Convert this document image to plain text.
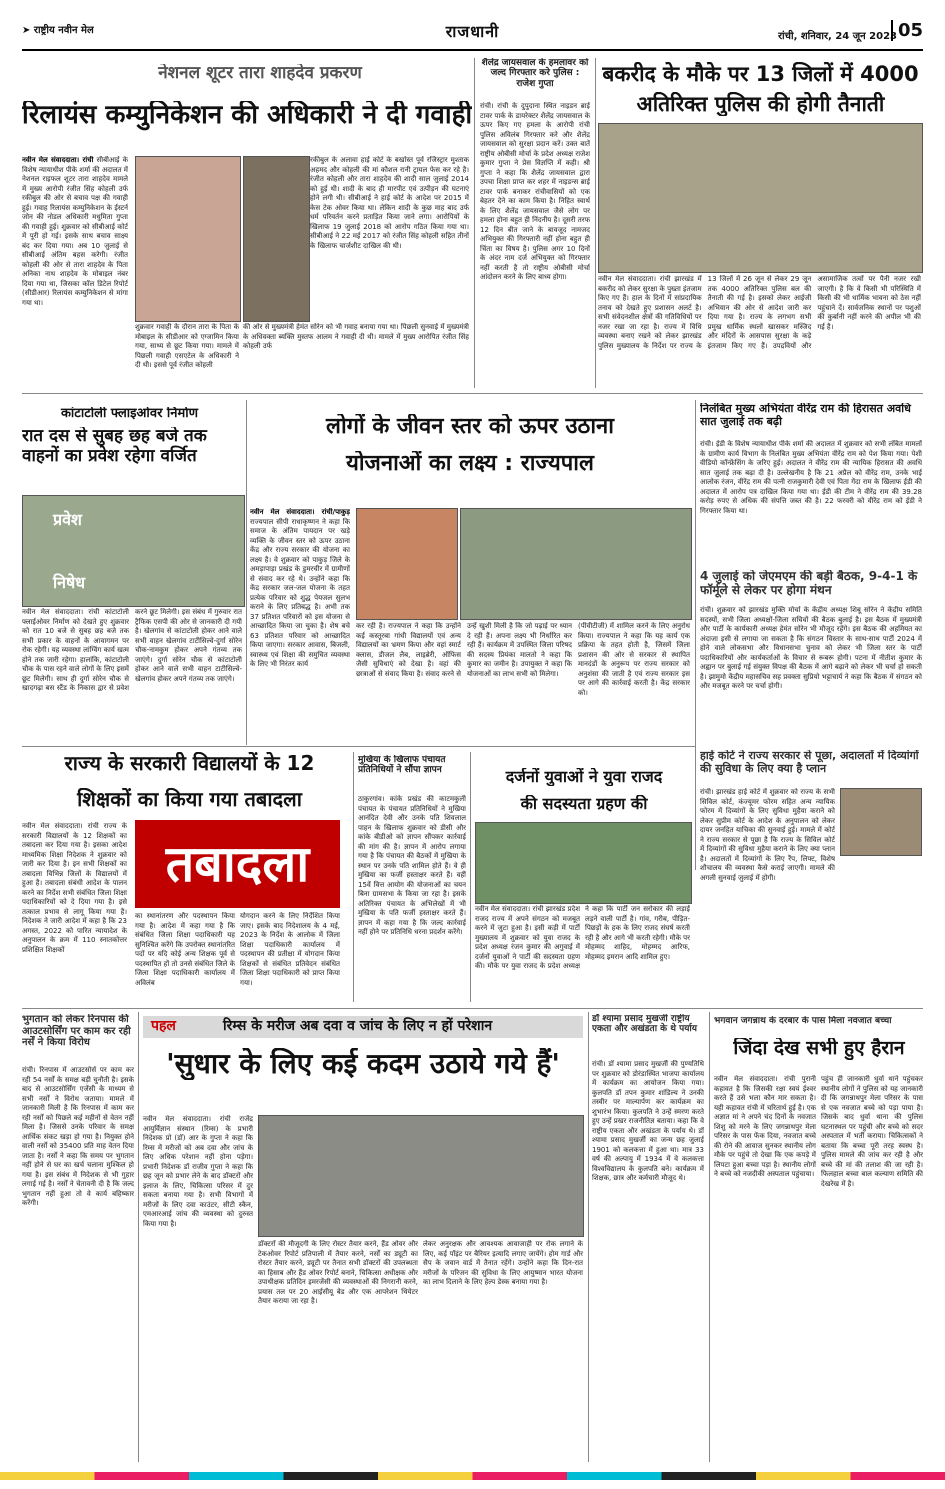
➤ राष्ट्रीय नवीन मेल	राजधानी	रांची, शनिवार, 24 जून 2023 05
नेशनल शूटर तारा शाहदेव प्रकरण
रिलायंस कम्युनिकेशन की अधिकारी ने दी गवाही
नवीन मेल संवाददाता। रांची सीबीआई के विशेष न्यायाधीश पीके शर्मा की अदालत में नेशनल राइफल शूटर तारा शाहदेव मामले में मुख्य आरोपी रंजीत सिंह कोहली उर्फ रकीबुल की ओर से बचाव पक्ष की गवाही हुई। गवाह रिलायंस कम्युनिकेशन के ईस्टर्न जोन की नोडल अधिकारी मधुमिता गुप्ता की गवाही हुई। शुक्रवार को सीबीआई कोर्ट में पूरी हो गई। इसके साथ बचाव साक्ष्य बंद कर दिया गया। अब 10 जुलाई से सीबीआई अंतिम बहस करेगी। रंजीत कोहली की ओर से तारा शाहदेव के पिता अनिका नाथ शाहदेव के मोबाइल नंबर दिया गया था, जिसका कॉल डिटेल रिपोर्ट (सीडीआर) रिलायंस कम्युनिकेशन से मांगा गया था।
शुक्रवार गवाही के दौरान तारा के पिता के मोबाइल के सीडीआर को एग्जामिन किया गया, साथ्य से छूट किया गया। मामले में पिछली गवाही एसएटेल के अधिकारी ने दी थी। इससे पूर्व रंजीत कोहली
रकीबुल के अलावा हाई कोर्ट के बर्खास्त पूर्व रजिस्ट्रार मुश्ताक अहमद और कोहली की मां कौशल रानी ट्रायल फेस कर रहे है। रंजीत कोहली और तारा शाहदेव की शादी साल जुलाई 2014 को हुई थी। शादी के बाद ही मारपीट एवं उत्पीड़न की घटनाएं होने लगी थी। सीबीआई ने हाई कोर्ट के आदेश पर 2015 में केस टेक ओवर किया था। लेकिन शादी के कुछ माह बाद उर्फ धर्म परिवर्तन करने प्रताड़ित किया जाने लगा। आरोपियों के खिलाफ 19 जुलाई 2018 को आरोप गठित किया गया था। सीबीआई ने 22 मई 2017 को रंजीत सिंह कोहली सहित तीनों के खिलाफ चार्जशीट दाखिल की थी।
की ओर से मुख्यमंत्री हेमंत सोरेन को भी गवाह बनाया गया था। पिछली सुनवाई में मुख्यमंत्री के अधिवक्ता ब्यक्ति मुस्तफ आलम ने गवाही दी थी। मामले में मुख्य आरोपित रंजीत सिंह कोहली उर्फ
शैलेंद्र जायसवाल के हमलावर को जल्द गिरफ्तार करे पुलिस : राजेश गुप्ता
रांची। रांची के दुपुदाना स्थित नाइडन ब्राई टावर पार्क के डायरेक्टर शैलेंद्र जायसवाल के ऊपर किए गए हमला के आरोपी रांची पुलिस अविलंब गिरफ्तार करे और शैलेंद्र जायसवाल को सुरक्षा प्रदान करें। उक्त बातें राष्ट्रीय ओबीसी मोर्चा के प्रदेश अध्यक्ष राजेश कुमार गुप्ता ने प्रेस विज्ञप्ति में कही। श्री गुप्ता ने कहा कि शैलेंद्र जायसवाल द्वारा उपचा शिक्षा प्राप्त कर शहर में नाइडन्स ब्राई टावर पार्क बनाकर रांचीवासियों को एक बेहतर देने का काम किया है। निहित स्वार्थ के लिए शैलेंद्र जायसवाल जैसे लोग पर हमला होना बहुत ही निंदनीय है। दूसरी तरफ 12 दिन बीत जाने के बावजूद नामजद अभियुक्त की गिरफ्तारी नहीं होना बहुत ही चिंता का विषय है। पुलिस अगर 10 दिनों के अंदर नाम दर्ज अभियुक्त को गिरफ्तार नहीं करती है तो राष्ट्रीय ओबीसी मोर्चा आंदोलन करने के लिए बाध्य होगा।
बकरीद के मौके पर 13 जिलों में 4000
अतिरिक्त पुलिस की होगी तैनाती
नवीन मेल संवाददाता। रांची झारखंड में बकरीद को लेकर सुरक्षा के पुख्ता इंतजाम किए गए हैं। हाल के दिनों में सांप्रदायिक तनाव को देखते हुए प्रशासन अलर्ट है। सभी संवेदनशील क्षेत्रों की गतिविधियों पर नजर रखा जा रहा है। राज्य में विधि व्यवस्था बनाए रखने को लेकर झारखंड पुलिस मुख्यालय के निर्देश पर राज्य के 13 जिलों में 26 जून से लेकर 29 जून तक 4000 अतिरिक्त पुलिस बल की तैनाती की गई है। इसको लेकर आईजी अभियान की ओर से आदेश जारी कर दिया गया है। राज्य के लगभग सभी प्रमुख धार्मिक स्थलों खासकर मस्जिद और मंदिरों के आसपास सुरक्षा के कड़े इंतजाम किए गए हैं। उपद्रवियों और असामाजिक तत्वों पर पैनी नजर रखी जाएगी। है कि वे किसी भी परिस्थिति में किसी की भी धार्मिक भावना को ठेस नहीं पहुंचाने दें। सार्वजनिक स्थानों पर पशुओं की कुर्बानी नहीं करने की अपील भी की गई है।
कांटाटोली फ्लाइओवर निर्माण
रात दस से सुबह छह बजे तक वाहनों का प्रवेश रहेगा वर्जित
प्रवेश
निषेध
नवीन मेल संवाददाता। रांची कांटाटोली फ्लाईओवर निर्माण को देखते हुए शुक्रवार को रात 10 बजे से सुबह छह बजे तक सभी प्रकार के वाहनों के आवागमन पर रोक रहेगी। यह व्यवस्था लांग्विंग कार्य खत्म होने तक जारी रहेगा। हालांकि, कांटाटोली चौक के पास रहने वाले लोगों के लिए इसमें छूट मिलेगी। साथ ही दुर्गा सोरेन चौक से खादगढ़ा बस स्टैंड के निकास द्वार से प्रवेश करने छूट मिलेगी। इस संबंध में गुरुवार रात ट्रैफिक एसपी की ओर से जानकारी दी गयी है। खेलगांव से कांटाटोली होकर आने वाले सभी वाहन खेलगांव टाटीसिल्वे-दुर्गा सोरेन चौक-नामकुम होकर अपने गंतव्य तक जाएंगे। दुर्गा सोरेन चौक से कांटाटोली होकर आने वाले सभी वाहन टाटीसिल्वे-खेलगांव होकर अपने गंतव्य तक जाएंगे।
लोगों के जीवन स्तर को ऊपर उठाना
योजनाओं का लक्ष्य : राज्यपाल
नवीन मेल संवाददाता। रांची/पाकुड़ राज्यपाल सीपी राधाकृष्णन ने कहा कि समाज के अंतिम पायदान पर खड़े व्यक्ति के जीवन स्तर को ऊपर उठाना केंद्र और राज्य सरकार की योजना का लक्ष्य है। वे शुक्रवार को पाकुड़ जिले के अमड़ापाड़ा प्रखंड के डुमरचीर में ग्रामीणों से संवाद कर रहे थे। उन्होंने कहा कि केंद्र सरकार जल-जल योजना के तहत प्रत्येक परिवार को शुद्ध पेयजल सुलभ कराने के लिए प्रतिबद्ध है। अभी तक 37 प्रतिशत परिवारों को इस योजना से आच्छादित किया जा चुका है। शेष बचे 63 प्रतिशत परिवार को आच्छादित किया जाएगा। सरकार आवास, बिजली, स्वास्थ्य एवं शिक्षा की समुचित व्यवस्था के लिए भी निरंतर कार्य
कर रही है। राज्यपाल ने कहा कि उन्होंने कई कस्तूरबा गांधी विद्यालयों एवं अन्य विद्यालयों का भ्रमण किया और वहां स्मार्ट क्लास, डीजल लैब, लाइब्रेरी, ऑफिस जैसी सुविधाएं को देखा है। वहां की छात्राओं से संवाद किया है। संवाद करने से उन्हें खुशी मिली है कि जो पढ़ाई पर ध्यान दे रही हैं। अपना लक्ष्य भी निर्धारित कर रही हैं। कार्यक्रम में उपस्थित जिला परिषद की सदस्य प्रियंका मालतो ने कहा कि कुमार का जमीन है। उपायुक्त ने कहा कि योजनाओं का लाभ सभी को मिलेगा।
(पीवीटीजी) में शामिल करने के लिए अनुरोध किया। राज्यपाल ने कहा कि यह कार्य एक प्रक्रिया के तहत होती है, जिसमें जिला प्रशासन की ओर से सरकार से स्थापित मानदंडों के अनुरूप पर राज्य सरकार को अनुशंसा की जाती है एवं राज्य सरकार इस पर आगे की कार्रवाई करती है। केंद्र सरकार को।
निलंबित मुख्य अभियंता वीरेंद्र राम की हिरासत अवधि सात जुलाई तक बढ़ी
रांची। ईडी के विशेष न्यायाधीश पीके शर्मा की अदालत में शुक्रवार को सभी लंबित मामलों के ग्रामीण कार्य विभाग के निलंबित मुख्य अभियंता वीरेंद्र राम को पेश किया गया। पेशी वीडियो कॉन्फ्रेंसिंग के जरिए हुई। अदालत ने वीरेंद्र राम की न्यायिक हिरासत की अवधि सात जुलाई तक बढ़ा दी है। उल्लेखनीय है कि 21 अप्रैल को वीरेंद्र राम, उनके भाई आलोक रंजन, वीरेंद्र राम की पत्नी राजकुमारी देवी एवं पिता गेंदा राम के खिलाफ ईडी की अदालत में आरोप पत्र दाखिल किया गया था। ईडी की टीम ने वीरेंद्र राम की 39.28 करोड़ रुपए से अधिक की संपत्ति जब्त की है। 22 फरवरी को वीरेंद्र राम को ईडी ने गिरफ्तार किया था।
4 जुलाई को जेएमएम की बड़ी बैठक, 9-4-1 के फॉर्मूले से लेकर पर होगा मंथन
रांची। शुक्रवार को झारखंड मुक्ति मोर्चा के केंद्रीय अध्यक्ष शिबू सोरेन ने केंद्रीय समिति सदस्यों, सभी जिला अध्यक्षों-जिला सचिवों की बैठक बुलाई है। इस बैठक में मुख्यमंत्री और पार्टी के कार्यकारी अध्यक्ष हेमंत सोरेन भी मौजूद रहेंगे। इस बैठक की अहमियत का अंदाजा इसी से लगाया जा सकता है कि संगठन विस्तार के साथ-साथ पार्टी 2024 में होने वाले लोकसभा और विधानसभा चुनाव को लेकर भी जिला स्तर के पार्टी पदाधिकारियों और कार्यकर्ताओं के विचार से रूबरू होगी। पटना में नीतीश कुमार के अह्वान पर बुलाई गई संयुक्त विपक्ष की बैठक में आगे बढ़ाने को लेकर भी चर्चा हो सकती है। झामुमो केंद्रीय महासचिव सह प्रवक्ता सुप्रियो भट्टाचार्य ने कहा कि बैठक में संगठन को और मजबूत करने पर चर्चा होगी।
हाई कोर्ट ने राज्य सरकार से पूछा, अदालतों में दिव्यांगों की सुविधा के लिए क्या है प्लान
रांची। झारखंड हाई कोर्ट में शुक्रवार को राज्य के सभी सिविल कोर्ट, कंज्यूमर फोरम सहित अन्य न्यायिक फोरम में दिव्यांगों के लिए सुविधा मुहैया कराने को लेकर सुप्रीम कोर्ट के आदेश के अनुपालन को लेकर दायर जनहित याचिका की सुनवाई हुई। मामले में कोर्ट ने राज्य सरकार से पूछा है कि राज्य के सिविल कोर्ट में दिव्यांगों की सुविधा मुहैया कराने के लिए क्या प्लान है। अदालतों में दिव्यांगों के लिए रैंप, लिफ्ट, विशेष शौचालय की व्यवस्था कैसे कराई जाएगी। मामले की अगली सुनवाई जुलाई में होगी।
राज्य के सरकारी विद्यालयों के 12
शिक्षकों का किया गया तबादला
नवीन मेल संवाददाता। रांची राज्य के सरकारी विद्यालयों के 12 शिक्षकों का तबादला कर दिया गया है। इसका आदेश माध्यमिक शिक्षा निदेशक ने शुक्रवार को जारी कर दिया है। इन सभी शिक्षकों का तबादला विभिन्न जिलों के विद्यालयों में हुआ है। तबादला संबंधी आदेश के पालन करने का निर्देश सभी संबंधित जिला शिक्षा पदाधिकारियों को दे दिया गया है। इसे तत्काल प्रभाव से लागू किया गया है। निदेशक ने जारी आदेश में कहा है कि 23 अगस्त, 2022 को पारित न्यायादेश के अनुपालन के क्रम में 110 स्नातकोत्तर प्रशिक्षित शिक्षकों
तबादला
का स्थानांतरण और पदस्थापन किया गया है। आदेश में कहा गया है कि संबंधित जिला शिक्षा पदाधिकारी यह सुनिश्चित करेंगे कि उपरोक्त स्थानांतरित पदों पर यदि कोई अन्य शिक्षक पूर्व से पदस्थापित हों तो उनसे संबंधित जिले के जिला शिक्षा पदाधिकारी कार्यालय में अविलंब
योगदान करने के लिए निर्देशित किया जाए। इसके बाद निदेशालय के 4 मई, 2023 के निर्देश के आलोक में जिला शिक्षा पदाधिकारी कार्यालय में पदस्थापन की प्रतीक्षा में योगदान किया शिक्षकों से संबंधित प्रतिवेदन संबंधित जिला शिक्षा पदाधिकारी को प्राप्त किया गया।
मुखिया के खिलाफ पंचायत प्रतिनिधियों ने सौंपा ज्ञापन
ठाकुरगांव। कांके प्रखंड की काटमकुली पंचायत के पंचायत प्रतिनिधियों ने मुखिया आनंदित देवी और उनके पति शिवलाल पाहन के खिलाफ शुक्रवार को डीसी और कांके बीडीओ को ज्ञापन सौंपकर कार्रवाई की मांग की है। ज्ञापन में आरोप लगाया गया है कि पंचायत की बैठकों में मुखिया के स्थान पर उनके पति शामिल होते हैं। वे ही मुखिया का फर्जी हस्ताक्षर करते हैं। वहीं 15वें वित्त आयोग की योजनाओं का चयन बिना ग्रामसभा के किया जा रहा है। इसके अतिरिक्त पंचायत के अभिलेखों में भी मुखिया के पति फर्जी हस्ताक्षर करते हैं। ज्ञापन में कहा गया है कि जल्द कार्रवाई नहीं होने पर प्रतिनिधि धरना प्रदर्शन करेंगे।
दर्जनों युवाओं ने युवा राजद
की सदस्यता ग्रहण की
नवीन मेल संवाददाता। रांची झारखंड प्रदेश राजद राज्य में अपने संगठन को मजबूत करने में जुटा हुआ है। इसी कड़ी में पार्टी मुख्यालय में शुक्रवार को युवा राजद के प्रदेश अध्यक्ष रंजन कुमार की अगुवाई में दर्जनों युवाओं ने पार्टी की सदस्यता ग्रहण की। मौके पर युवा राजद के प्रदेश अध्यक्ष ने कहा कि पार्टी जन सरोकार की लड़ाई लड़ने वाली पार्टी है। गांव, गरीब, पीड़ित-पिछड़ों के हक के लिए राजद संघर्ष करती रही है और आगे भी करती रहेगी। मौके पर मोहम्मद शाहिद, मोहम्मद आरिफ, मोहम्मद इमरान आदि शामिल हुए।
भुगतान को लेकर रिनपास की आउटसोर्सिंग पर काम कर रही नर्सें ने किया विरोध
रांची। रिनपास में आउटसोर्स पर काम कर रही 54 नर्सों के समक्ष बड़ी चुनौती है। इसके बाद से आउटसोर्सिंग एजेंसी के माध्यम से सभी नर्सों ने विरोध जताया। मामले में जानकारी मिली है कि रिनपास में काम कर रही नर्सों को पिछले कई महीनों से वेतन नहीं मिला है। जिससे उनके परिवार के समक्ष आर्थिक संकट खड़ा हो गया है। नियुक्त होने वाली नर्सों को 35400 प्रति माह वेतन दिया जाता है। नर्सों ने कहा कि समय पर भुगतान नहीं होने से घर का खर्च चलाना मुश्किल हो गया है। इस संबंध में निदेशक से भी गुहार लगाई गई है। नर्सों ने चेतावनी दी है कि जल्द भुगतान नहीं हुआ तो वे कार्य बहिष्कार करेंगी।
पहल	रिम्स के मरीज अब दवा व जांच के लिए न हों परेशान
'सुधार के लिए कई कदम उठाये गये हैं'
नवीन मेल संवाददाता। रांची राजेंद्र आयुर्विज्ञान संस्थान (रिम्स) के प्रभारी निदेशक प्रो (डॉ) आर के गुप्ता ने कहा कि रिम्स में मरीजों को अब दवा और जांच के लिए अधिक परेशान नहीं होना पड़ेगा। प्रभारी निदेशक डॉ राजीव गुप्ता ने कहा कि छह जून को प्रभार लेने के बाद डॉक्टरों और इलाज के लिए, चिकित्सा परिसर में दुर सकता बनाया गया है। सभी विभागों में मरीजों के लिए दवा काउंटर, सीटी स्कैन, एमआरआई जांच की व्यवस्था को दुरुस्त किया गया है।
डॉक्टरों की मौजूदगी के लिए रोस्टर तैयार करने, हैंड ओवर और टेकओवर रिपोर्ट प्रतिपाली में तैयार करने, नर्सों का ड्यूटी का रोस्टर तैयार करने, ड्यूटी पर तैनात सभी डॉक्टरों की उपलब्धता का हिसाब और हैंड ओवर रिपोर्ट बनाने, चिकित्सा अधीक्षक और उपाधीक्षक प्रतिदिन इमरजेंसी की व्यवस्थाओं की निगरानी करने, प्रयास तल पर 20 आईसीयू बेड और एक आपरेशन थियेटर तैयार कराया जा रहा है।
लेकर अनुरक्षक और आवश्यक आवाजाही पर रोक लगाने के लिए, कई पॉइंट पर बैरियर इत्यादि लगाए जायेंगे। होम गार्ड और सैप के जवान वार्ड में तैनात रहेंगे। उन्होंने कहा कि दिन-रात मरीजों के परिजन की सुविधा के लिए आयुष्मान भारत योजना का लाभ दिलाने के लिए हेल्प डेस्क बनाया गया है।
डॉ श्यामा प्रसाद मुखर्जी राष्ट्रीय एकता और अखंडता के थे पर्याय
रांची। डॉ श्यामा प्रसाद मुखर्जी की पुण्यतिथि पर शुक्रवार को डोरंडास्थित भाजपा कार्यालय में कार्यक्रम का आयोजन किया गया। कुलपति डॉ तपन कुमार शांडिल्य ने उनकी तस्वीर पर माल्यार्पण कर कार्यक्रम का शुभारंभ किया। कुलपति ने उन्हें स्मरण करते हुए उन्हें प्रखर राजनीतिज्ञ बताया। कहा कि वे राष्ट्रीय एकता और अखंडता के पर्याय थे। डॉ श्यामा प्रसाद मुखर्जी का जन्म छह जुलाई 1901 को कलकत्ता में हुआ था। मात्र 33 वर्ष की अल्पायु में 1934 में वे कलकत्ता विश्वविद्यालय के कुलपति बने। कार्यक्रम में शिक्षक, छात्र और कर्मचारी मौजूद थे।
भगवान जगन्नाथ के दरबार के पास मिला नवजात बच्चा
जिंदा देख सभी हुए हैरान
नवीन मेल संवाददाता। रांची पुरानी कहावत है कि जिसकी रक्षा स्वयं ईश्वर करते हैं उसे भला कौन मार सकता है। यही कहावत रांची में चरितार्थ हुई है। एक अज्ञात मां ने अपने चंद दिनों के नवजात शिशु को मरने के लिए जगन्नाथपुर मेला परिसर के पास फेंक दिया, नवजात बच्चे की रोने की आवाज सुनकर स्थानीय लोग मौके पर पहुंचे तो देखा कि एक कपड़े में लिपटा हुआ बच्चा पड़ा है। स्थानीय लोगों ने बच्चे को नजदीकी अस्पताल पहुंचाया।
पहुंच ही जानकारी धुर्वा थाने पहुंचकर स्थानीय लोगों ने पुलिस को यह जानकारी दी कि जगन्नाथपुर मेला परिसर के पास से एक नवजात बच्चे को पड़ा पाया है। जिसके बाद धुर्वा थाना की पुलिस घटनास्थल पर पहुंची और बच्चे को सदर अस्पताल में भर्ती कराया। चिकित्सकों ने बताया कि बच्चा पूरी तरह स्वस्थ है। पुलिस मामले की जांच कर रही है और बच्चे की मां की तलाश की जा रही है। फिलहाल बच्चा बाल कल्याण समिति की देखरेख में है।
